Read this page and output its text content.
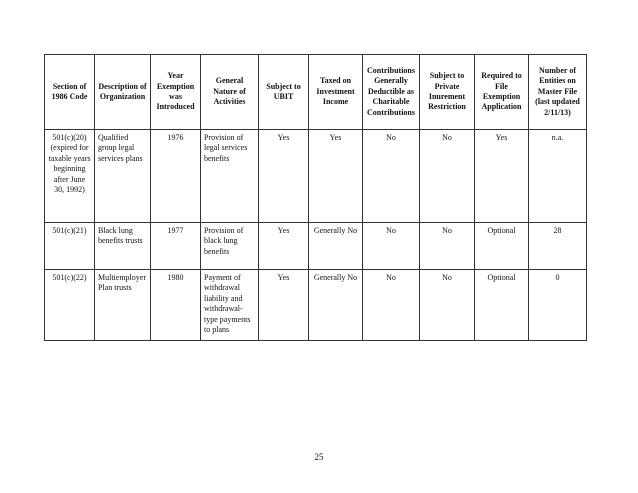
Section of 1986 Code	Description of Organization	Year Exemption was Introduced	General Nature of Activities	Subject to UBIT	Taxed on Investment Income	Contributions Generally Deductible as Charitable Contributions	Subject to Private Inurement Restriction	Required to File Exemption Application	Number of Entities on Master File (last updated 2/11/13)
501(c)(20) (expired for taxable years beginning after June 30, 1992)	Qualified group legal services plans	1976	Provision of legal services benefits	Yes	Yes	No	No	Yes	n.a.
501(c)(21)	Black lung benefits trusts	1977	Provision of black lung benefits	Yes	Generally No	No	No	Optional	28
501(c)(22)	Multiemployer Plan trusts	1980	Payment of withdrawal liability and withdrawal-type payments to plans	Yes	Generally No	No	No	Optional	0
25
